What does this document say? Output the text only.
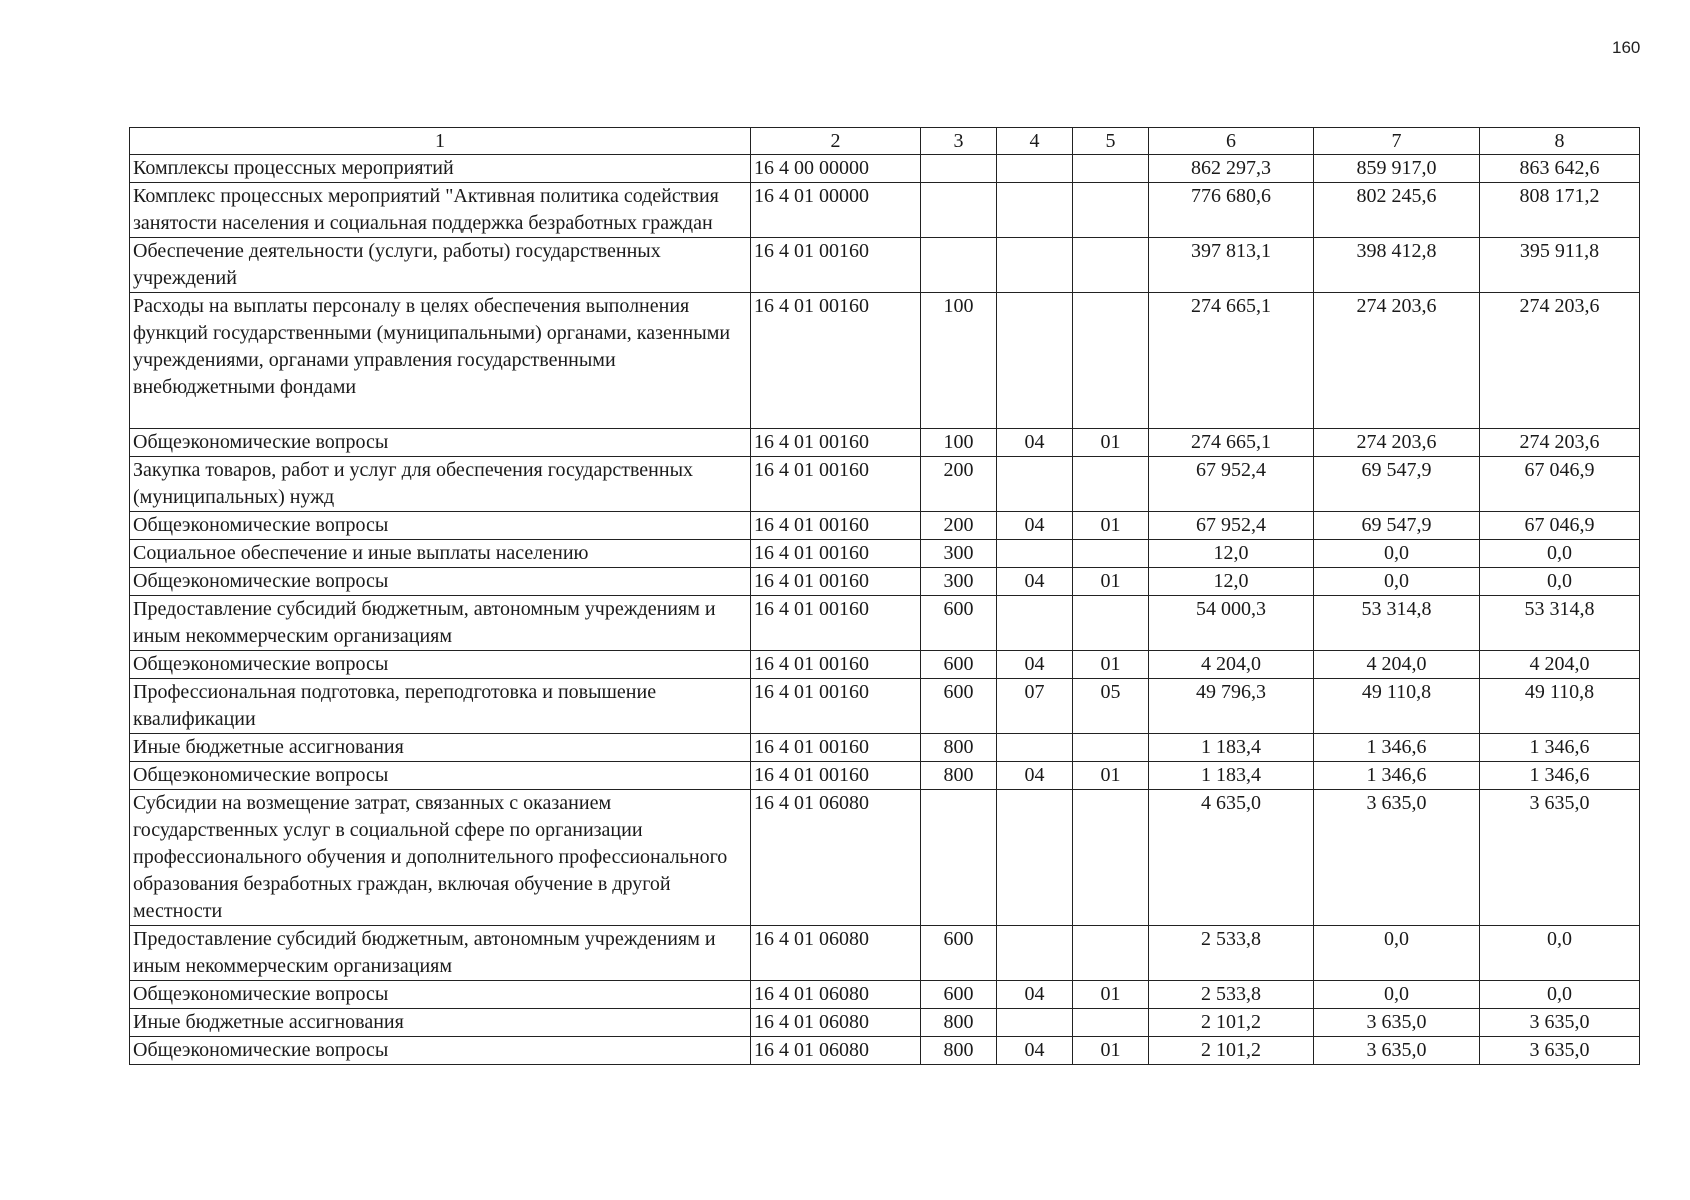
160
1	2	3	4	5	6	7	8
Комплексы процессных мероприятий	16 4 00 00000				862 297,3	859 917,0	863 642,6
Комплекс процессных мероприятий "Активная политика содействия занятости населения и социальная поддержка безработных граждан	16 4 01 00000				776 680,6	802 245,6	808 171,2
Обеспечение деятельности (услуги, работы) государственных учреждений	16 4 01 00160				397 813,1	398 412,8	395 911,8
Расходы на выплаты персоналу в целях обеспечения выполнения функций государственными (муниципальными) органами, казенными учреждениями, органами управления государственными внебюджетными фондами	16 4 01 00160	100			274 665,1	274 203,6	274 203,6
Общеэкономические вопросы	16 4 01 00160	100	04	01	274 665,1	274 203,6	274 203,6
Закупка товаров, работ и услуг для обеспечения государственных (муниципальных) нужд	16 4 01 00160	200			67 952,4	69 547,9	67 046,9
Общеэкономические вопросы	16 4 01 00160	200	04	01	67 952,4	69 547,9	67 046,9
Социальное обеспечение и иные выплаты населению	16 4 01 00160	300			12,0	0,0	0,0
Общеэкономические вопросы	16 4 01 00160	300	04	01	12,0	0,0	0,0
Предоставление субсидий бюджетным, автономным учреждениям и иным некоммерческим организациям	16 4 01 00160	600			54 000,3	53 314,8	53 314,8
Общеэкономические вопросы	16 4 01 00160	600	04	01	4 204,0	4 204,0	4 204,0
Профессиональная подготовка, переподготовка и повышение квалификации	16 4 01 00160	600	07	05	49 796,3	49 110,8	49 110,8
Иные бюджетные ассигнования	16 4 01 00160	800			1 183,4	1 346,6	1 346,6
Общеэкономические вопросы	16 4 01 00160	800	04	01	1 183,4	1 346,6	1 346,6
Субсидии на возмещение затрат, связанных с оказанием государственных услуг в социальной сфере по организации профессионального обучения и дополнительного профессионального образования безработных граждан, включая обучение в другой местности	16 4 01 06080				4 635,0	3 635,0	3 635,0
Предоставление субсидий бюджетным, автономным учреждениям и иным некоммерческим организациям	16 4 01 06080	600			2 533,8	0,0	0,0
Общеэкономические вопросы	16 4 01 06080	600	04	01	2 533,8	0,0	0,0
Иные бюджетные ассигнования	16 4 01 06080	800			2 101,2	3 635,0	3 635,0
Общеэкономические вопросы	16 4 01 06080	800	04	01	2 101,2	3 635,0	3 635,0
